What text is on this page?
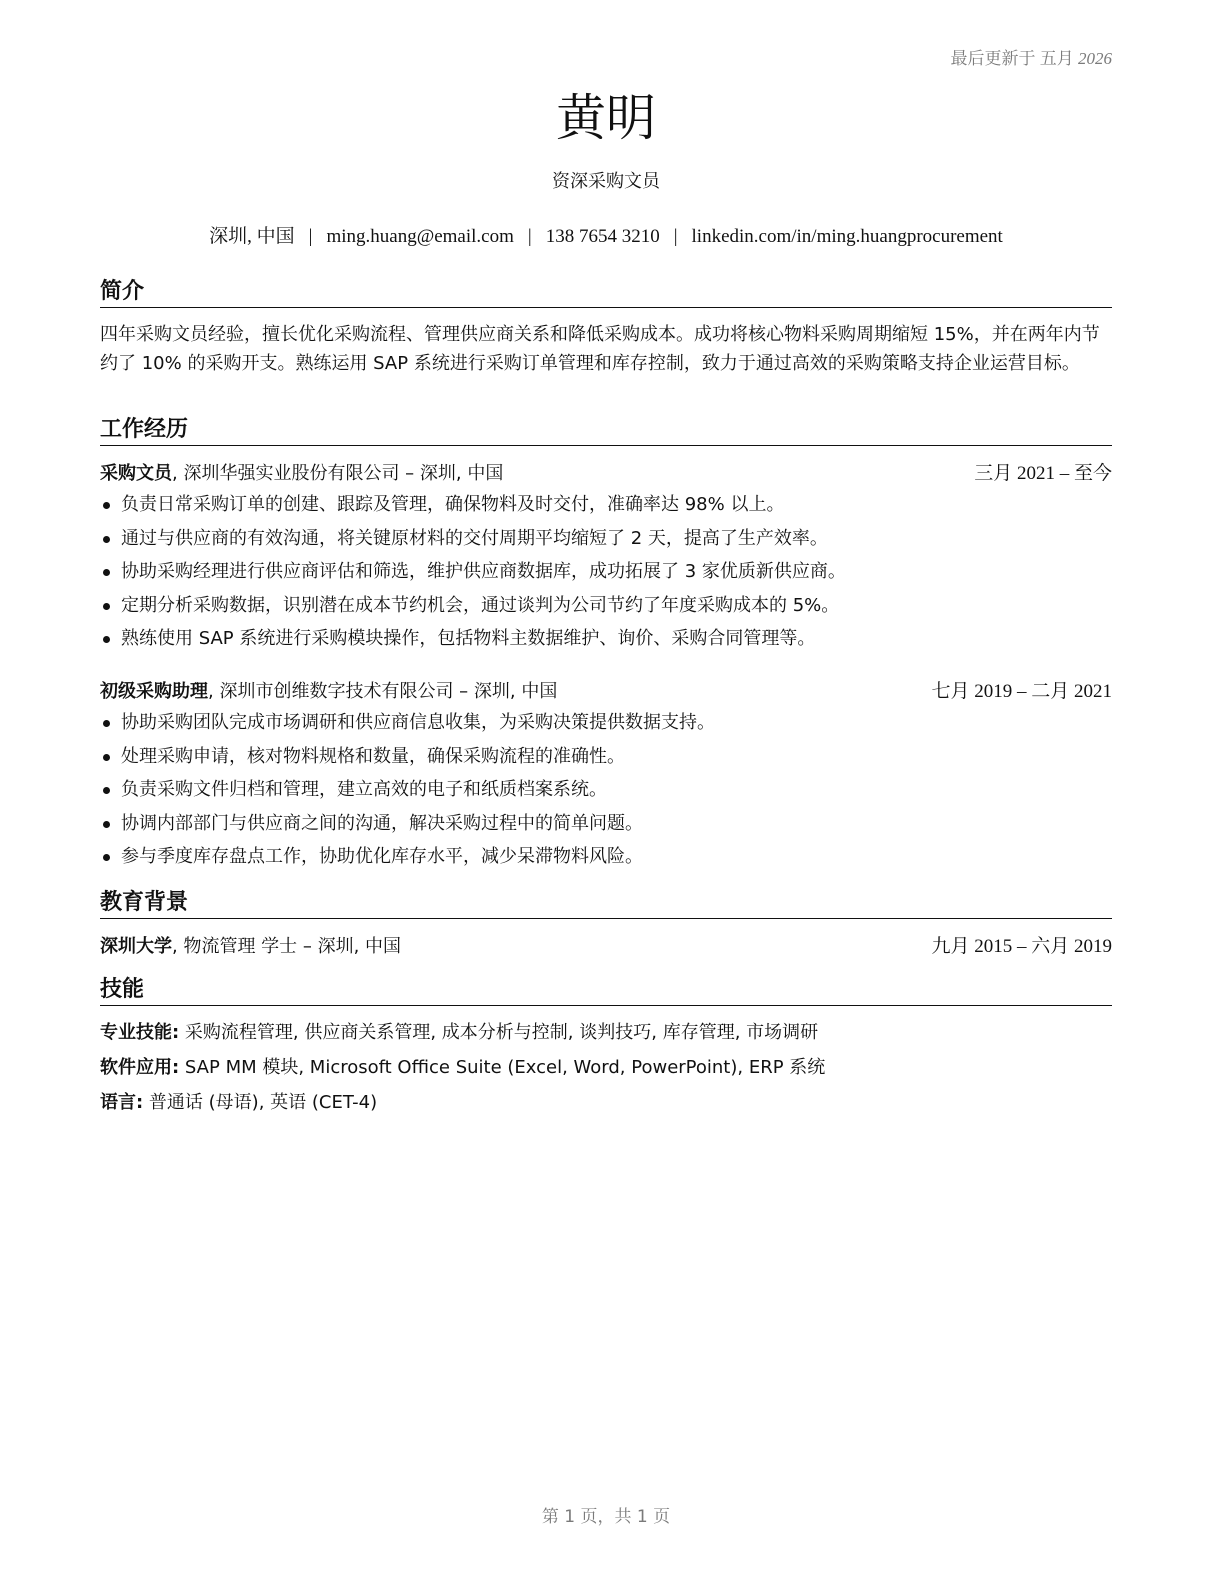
最后更新于 五月 2026
黄明
资深采购文员
深圳, 中国 | ming.huang@email.com | 138 7654 3210 | linkedin.com/in/ming.huangprocurement
简介
四年采购文员经验，擅长优化采购流程、管理供应商关系和降低采购成本。成功将核心物料采购周期缩短 15%，并在两年内节约了 10% 的采购开支。熟练运用 SAP 系统进行采购订单管理和库存控制，致力于通过高效的采购策略支持企业运营目标。
工作经历
采购文员, 深圳华强实业股份有限公司 – 深圳, 中国	三月 2021 – 至今
负责日常采购订单的创建、跟踪及管理，确保物料及时交付，准确率达 98% 以上。
通过与供应商的有效沟通，将关键原材料的交付周期平均缩短了 2 天，提高了生产效率。
协助采购经理进行供应商评估和筛选，维护供应商数据库，成功拓展了 3 家优质新供应商。
定期分析采购数据，识别潜在成本节约机会，通过谈判为公司节约了年度采购成本的 5%。
熟练使用 SAP 系统进行采购模块操作，包括物料主数据维护、询价、采购合同管理等。
初级采购助理, 深圳市创维数字技术有限公司 – 深圳, 中国	七月 2019 – 二月 2021
协助采购团队完成市场调研和供应商信息收集，为采购决策提供数据支持。
处理采购申请，核对物料规格和数量，确保采购流程的准确性。
负责采购文件归档和管理，建立高效的电子和纸质档案系统。
协调内部部门与供应商之间的沟通，解决采购过程中的简单问题。
参与季度库存盘点工作，协助优化库存水平，减少呆滞物料风险。
教育背景
深圳大学, 物流管理 学士 – 深圳, 中国	九月 2015 – 六月 2019
技能
专业技能: 采购流程管理, 供应商关系管理, 成本分析与控制, 谈判技巧, 库存管理, 市场调研
软件应用: SAP MM 模块, Microsoft Office Suite (Excel, Word, PowerPoint), ERP 系统
语言: 普通话 (母语), 英语 (CET-4)
第 1 页，共 1 页
